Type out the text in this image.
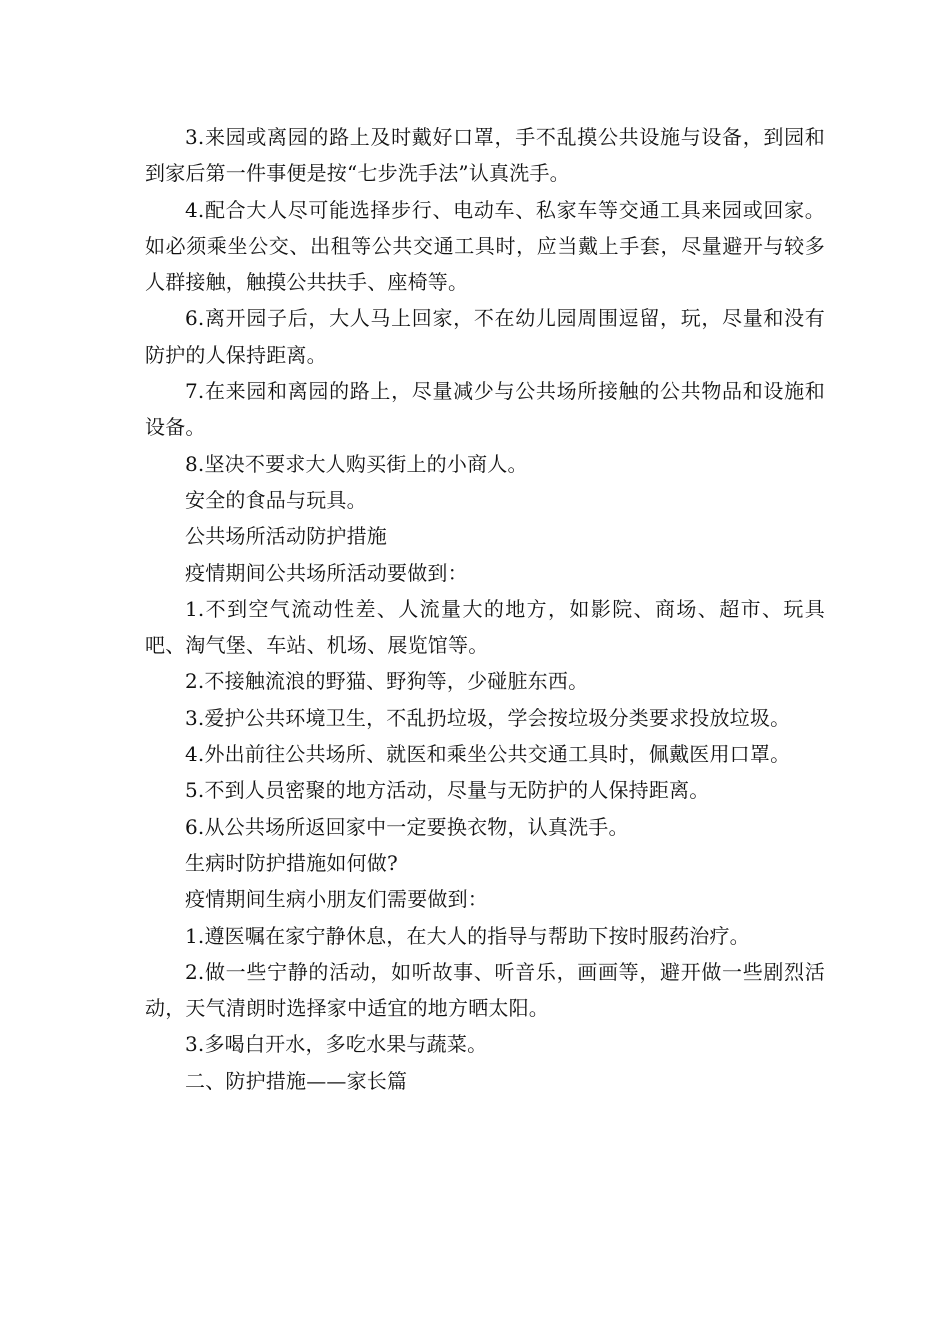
3.来园或离园的路上及时戴好口罩，手不乱摸公共设施与设备，到园和到家后第一件事便是按“七步洗手法”认真洗手。

4.配合大人尽可能选择步行、电动车、私家车等交通工具来园或回家。如必须乘坐公交、出租等公共交通工具时，应当戴上手套，尽量避开与较多人群接触，触摸公共扶手、座椅等。

6.离开园子后，大人马上回家，不在幼儿园周围逗留，玩，尽量和没有防护的人保持距离。

7.在来园和离园的路上，尽量减少与公共场所接触的公共物品和设施和设备。

8.坚决不要求大人购买街上的小商人。

安全的食品与玩具。

公共场所活动防护措施

疫情期间公共场所活动要做到：

1.不到空气流动性差、人流量大的地方，如影院、商场、超市、玩具吧、淘气堡、车站、机场、展览馆等。

2.不接触流浪的野猫、野狗等，少碰脏东西。

3.爱护公共环境卫生，不乱扔垃圾，学会按垃圾分类要求投放垃圾。

4.外出前往公共场所、就医和乘坐公共交通工具时，佩戴医用口罩。

5.不到人员密聚的地方活动，尽量与无防护的人保持距离。

6.从公共场所返回家中一定要换衣物，认真洗手。

生病时防护措施如何做?

疫情期间生病小朋友们需要做到：

1.遵医嘱在家宁静休息，在大人的指导与帮助下按时服药治疗。

2.做一些宁静的活动，如听故事、听音乐，画画等，避开做一些剧烈活动，天气清朗时选择家中适宜的地方晒太阳。

3.多喝白开水，多吃水果与蔬菜。

二、防护措施——家长篇
